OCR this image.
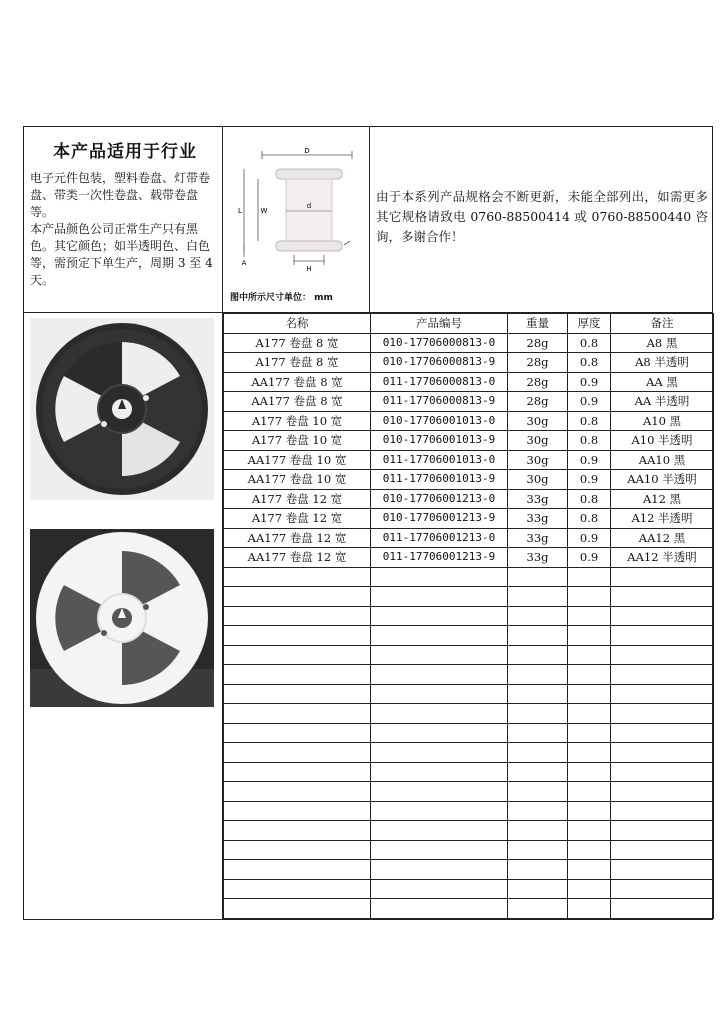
本产品适用于行业

电子元件包装，塑料卷盘、灯带卷盘、带类一次性卷盘、载带卷盘等。

本产品颜色公司正常生产只有黑色。其它颜色；如半透明色、白色等，需预定下单生产，周期 3 至 4 天。

D
L	W
d
A
H
图中所示尺寸单位： mm
由于本系列产品规格会不断更新，未能全部列出，如需更多其它规格请致电 0760-88500414 或 0760-88500440 咨询，多谢合作！
名称	产品编号	重量	厚度	备注
A177 卷盘 8 宽	010-17706000813-0	28g	0.8	A8 黑
A177 卷盘 8 宽	010-17706000813-9	28g	0.8	A8 半透明
AA177 卷盘 8 宽	011-17706000813-0	28g	0.9	AA 黑
AA177 卷盘 8 宽	011-17706000813-9	28g	0.9	AA 半透明
A177 卷盘 10 宽	010-17706001013-0	30g	0.8	A10 黑
A177 卷盘 10 宽	010-17706001013-9	30g	0.8	A10 半透明
AA177 卷盘 10 宽	011-17706001013-0	30g	0.9	AA10 黑
AA177 卷盘 10 宽	011-17706001013-9	30g	0.9	AA10 半透明
A177 卷盘 12 宽	010-17706001213-0	33g	0.8	A12 黑
A177 卷盘 12 宽	010-17706001213-9	33g	0.8	A12 半透明
AA177 卷盘 12 宽	011-17706001213-0	33g	0.9	AA12 黑
AA177 卷盘 12 宽	011-17706001213-9	33g	0.9	AA12 半透明
